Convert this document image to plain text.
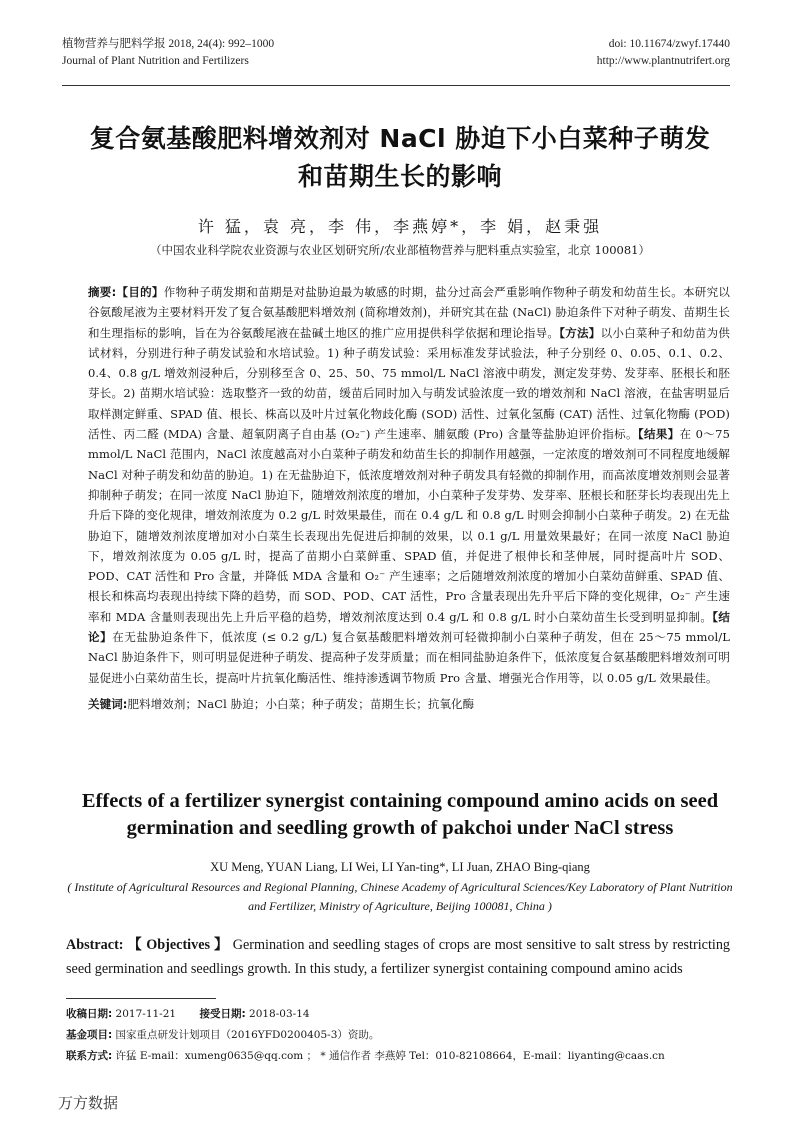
植物营养与肥料学报 2018, 24(4): 992–1000
Journal of Plant Nutrition and Fertilizers
doi: 10.11674/zwyf.17440
http://www.plantnutrifert.org
复合氨基酸肥料增效剂对 NaCl 胁迫下小白菜种子萌发
和苗期生长的影响
许 猛，袁 亮，李 伟，李燕婷*，李 娟，赵秉强
（中国农业科学院农业资源与农业区划研究所/农业部植物营养与肥料重点实验室，北京 100081）

摘要:【目的】作物种子萌发期和苗期是对盐胁迫最为敏感的时期，盐分过高会严重影响作物种子萌发和幼苗生长。本研究以谷氨酸尾液为主要材料开发了复合氨基酸肥料增效剂 (简称增效剂)，并研究其在盐 (NaCl) 胁迫条件下对种子萌发、苗期生长和生理指标的影响，旨在为谷氨酸尾液在盐碱土地区的推广应用提供科学依据和理论指导。【方法】以小白菜种子和幼苗为供试材料，分别进行种子萌发试验和水培试验。1) 种子萌发试验：采用标准发芽试验法，种子分别经 0、0.05、0.1、0.2、0.4、0.8 g/L 增效剂浸种后，分别移至含 0、25、50、75 mmol/L NaCl 溶液中萌发，测定发芽势、发芽率、胚根长和胚芽长。2) 苗期水培试验：选取整齐一致的幼苗，缓苗后同时加入与萌发试验浓度一致的增效剂和 NaCl 溶液，在盐害明显后取样测定鲜重、SPAD 值、根长、株高以及叶片过氧化物歧化酶 (SOD) 活性、过氧化氢酶 (CAT) 活性、过氧化物酶 (POD) 活性、丙二醛 (MDA) 含量、超氧阴离子自由基 (O₂⁻) 产生速率、脯氨酸 (Pro) 含量等盐胁迫评价指标。【结果】在 0～75 mmol/L NaCl 范围内，NaCl 浓度越高对小白菜种子萌发和幼苗生长的抑制作用越强，一定浓度的增效剂可不同程度地缓解 NaCl 对种子萌发和幼苗的胁迫。1) 在无盐胁迫下，低浓度增效剂对种子萌发具有轻微的抑制作用，而高浓度增效剂则会显著抑制种子萌发；在同一浓度 NaCl 胁迫下，随增效剂浓度的增加，小白菜种子发芽势、发芽率、胚根长和胚芽长均表现出先上升后下降的变化规律，增效剂浓度为 0.2 g/L 时效果最佳，而在 0.4 g/L 和 0.8 g/L 时则会抑制小白菜种子萌发。2) 在无盐胁迫下，随增效剂浓度增加对小白菜生长表现出先促进后抑制的效果，以 0.1 g/L 用量效果最好；在同一浓度 NaCl 胁迫下，增效剂浓度为 0.05 g/L 时，提高了苗期小白菜鲜重、SPAD 值，并促进了根伸长和茎伸展，同时提高叶片 SOD、POD、CAT 活性和 Pro 含量，并降低 MDA 含量和 O₂⁻ 产生速率；之后随增效剂浓度的增加小白菜幼苗鲜重、SPAD 值、根长和株高均表现出持续下降的趋势，而 SOD、POD、CAT 活性，Pro 含量表现出先升平后下降的变化规律，O₂⁻ 产生速率和 MDA 含量则表现出先上升后平稳的趋势，增效剂浓度达到 0.4 g/L 和 0.8 g/L 时小白菜幼苗生长受到明显抑制。【结论】在无盐胁迫条件下，低浓度 (≤ 0.2 g/L) 复合氨基酸肥料增效剂可轻微抑制小白菜种子萌发，但在 25～75 mmol/L NaCl 胁迫条件下，则可明显促进种子萌发、提高种子发芽质量；而在相同盐胁迫条件下，低浓度复合氨基酸肥料增效剂可明显促进小白菜幼苗生长，提高叶片抗氧化酶活性、维持渗透调节物质 Pro 含量、增强光合作用等，以 0.05 g/L 效果最佳。

关键词:肥料增效剂；NaCl 胁迫；小白菜；种子萌发；苗期生长；抗氧化酶

Effects of a fertilizer synergist containing compound amino acids on seed
germination and seedling growth of pakchoi under NaCl stress
XU Meng, YUAN Liang, LI Wei, LI Yan-ting*, LI Juan, ZHAO Bing-qiang
( Institute of Agricultural Resources and Regional Planning, Chinese Academy of Agricultural Sciences/Key Laboratory of Plant Nutrition and Fertilizer, Ministry of Agriculture, Beijing 100081, China )

Abstract: 【 Objectives 】 Germination and seedling stages of crops are most sensitive to salt stress by restricting seed germination and seedlings growth. In this study, a fertilizer synergist containing compound amino acids

收稿日期: 2017-11-21 接受日期: 2018-03-14

基金项目: 国家重点研发计划项目（2016YFD0200405-3）资助。

联系方式: 许猛 E-mail：xumeng0635@qq.com ； * 通信作者 李燕婷 Tel：010-82108664，E-mail：liyanting@caas.cn

万方数据
